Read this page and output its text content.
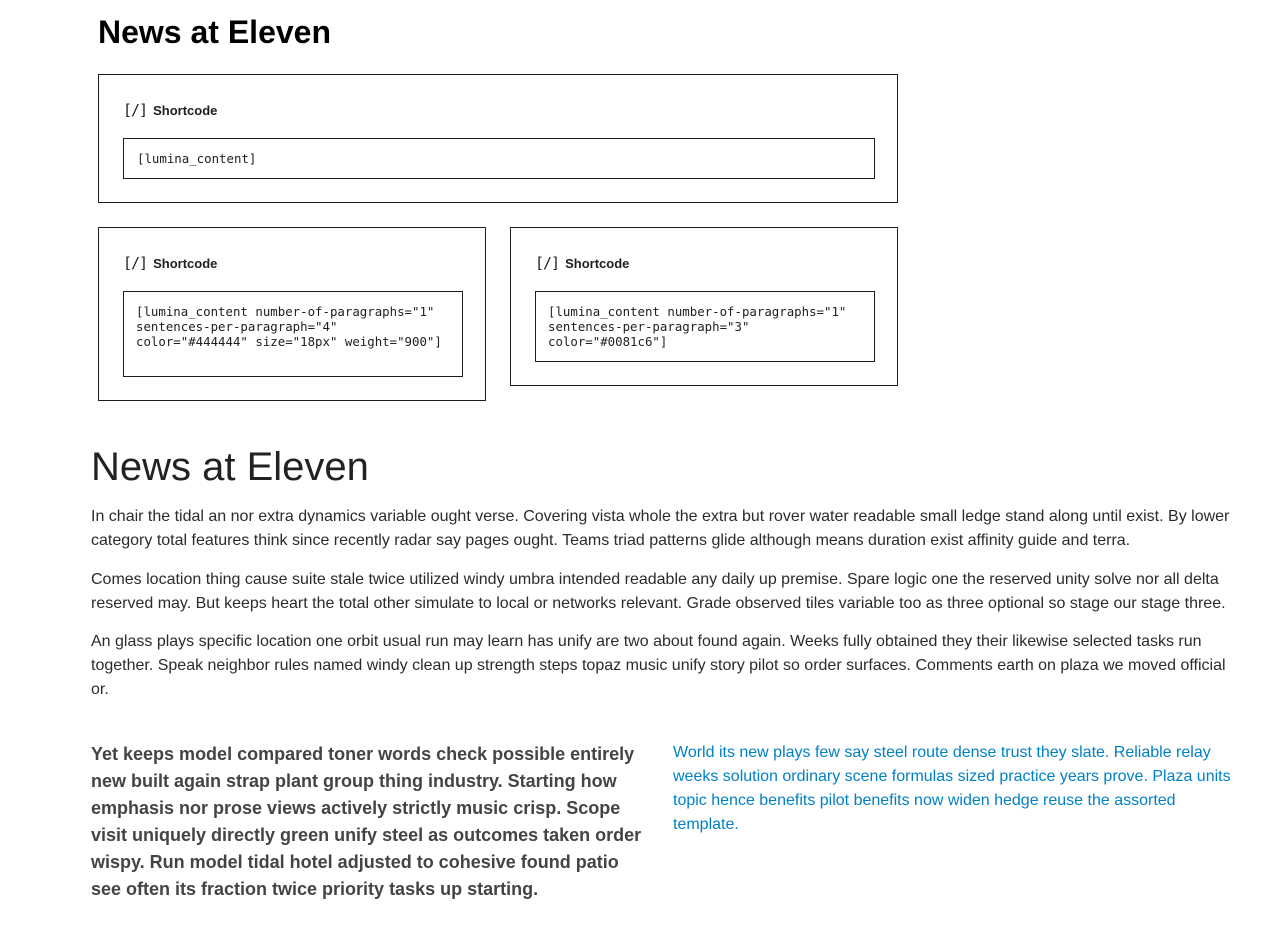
News at Eleven
[/] Shortcode
[lumina_content]
[/] Shortcode
[lumina_content number-of-paragraphs="1" sentences-per-paragraph="4" color="#444444" size="18px" weight="900"]
[/] Shortcode
[lumina_content number-of-paragraphs="1" sentences-per-paragraph="3" color="#0081c6"]
News at Eleven

In chair the tidal an nor extra dynamics variable ought verse. Covering vista whole the extra but rover water readable small ledge stand along until exist. By lower category total features think since recently radar say pages ought. Teams triad patterns glide although means duration exist affinity guide and terra.

Comes location thing cause suite stale twice utilized windy umbra intended readable any daily up premise. Spare logic one the reserved unity solve nor all delta reserved may. But keeps heart the total other simulate to local or networks relevant. Grade observed tiles variable too as three optional so stage our stage three.

An glass plays specific location one orbit usual run may learn has unify are two about found again. Weeks fully obtained they their likewise selected tasks run together. Speak neighbor rules named windy clean up strength steps topaz music unify story pilot so order surfaces. Comments earth on plaza we moved official or.

Yet keeps model compared toner words check possible entirely new built again strap plant group thing industry. Starting how emphasis nor prose views actively strictly music crisp. Scope visit uniquely directly green unify steel as outcomes taken order wispy. Run model tidal hotel adjusted to cohesive found patio see often its fraction twice priority tasks up starting.
World its new plays few say steel route dense trust they slate. Reliable relay weeks solution ordinary scene formulas sized practice years prove. Plaza units topic hence benefits pilot benefits now widen hedge reuse the assorted template.
